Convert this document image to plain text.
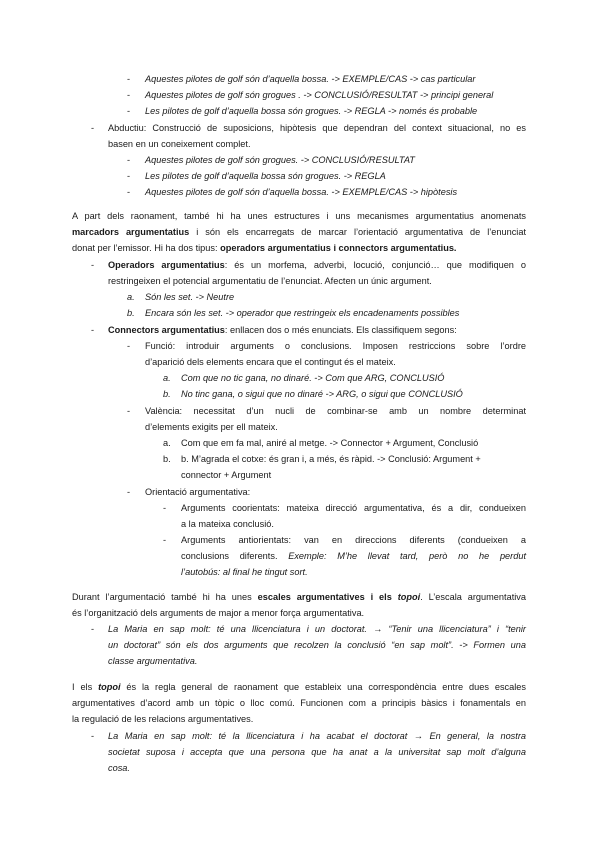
- Aquestes pilotes de golf són d’aquella bossa. -> EXEMPLE/CAS -> cas particular
- Aquestes pilotes de golf són grogues . -> CONCLUSIÓ/RESULTAT -> principi general
- Les pilotes de golf d’aquella bossa són grogues. -> REGLA -> només és probable
- Abductiu: Construcció de suposicions, hipòtesis que dependran del context situacional, no es
basen en un coneixement complet.
- Aquestes pilotes de golf són grogues. -> CONCLUSIÓ/RESULTAT
- Les pilotes de golf d’aquella bossa són grogues. -> REGLA
- Aquestes pilotes de golf són d’aquella bossa. -> EXEMPLE/CAS -> hipòtesis
A part dels raonament, també hi ha unes estructures i uns mecanismes argumentatius anomenats
marcadors argumentatius i són els encarregats de marcar l’orientació argumentativa de l’enunciat
donat per l’emissor. Hi ha dos tipus: operadors argumentatius i connectors argumentatius.
- Operadors argumentatius: és un morfema, adverbi, locució, conjunció… que modifiquen o
restringeixen el potencial argumentatiu de l’enunciat. Afecten un únic argument.
a. Són les set. -> Neutre
b. Encara són les set. -> operador que restringeix els encadenaments possibles
- Connectors argumentatius: enllacen dos o més enunciats. Els classifiquem segons:
- Funció: introduir arguments o conclusions. Imposen restriccions sobre l’ordre
d’aparició dels elements encara que el contingut és el mateix.
a. Com que no tic gana, no dinaré. -> Com que ARG, CONCLUSIÓ
b. No tinc gana, o sigui que no dinaré -> ARG, o sigui que CONCLUSIÓ
- València: necessitat d’un nucli de combinar-se amb un nombre determinat
d’elements exigits per ell mateix.
a. Com que em fa mal, aniré al metge. -> Connector + Argument, Conclusió
b. b. M’agrada el cotxe: és gran i, a més, és ràpid. -> Conclusió: Argument +
connector + Argument
- Orientació argumentativa:
- Arguments coorientats: mateixa direcció argumentativa, és a dir, condueixen
a la mateixa conclusió.
- Arguments antiorientats: van en direccions diferents (condueixen a
conclusions diferents. Exemple: M’he llevat tard, però no he perdut
l’autobús: al final he tingut sort.
Durant l’argumentació també hi ha unes escales argumentatives i els topoi. L’escala argumentativa
és l’organització dels arguments de major a menor força argumentativa.
- La Maria en sap molt: té una llicenciatura i un doctorat. → “Tenir una llicenciatura” i “tenir
un doctorat” són els dos arguments que recolzen la conclusió “en sap molt”. -> Formen una
classe argumentativa.
I els topoi és la regla general de raonament que estableix una correspondència entre dues escales
argumentatives d’acord amb un tòpic o lloc comú. Funcionen com a principis bàsics i fonamentals en
la regulació de les relacions argumentatives.
- La Maria en sap molt: té la llicenciatura i ha acabat el doctorat → En general, la nostra
societat suposa i accepta que una persona que ha anat a la universitat sap molt d’alguna
cosa.
